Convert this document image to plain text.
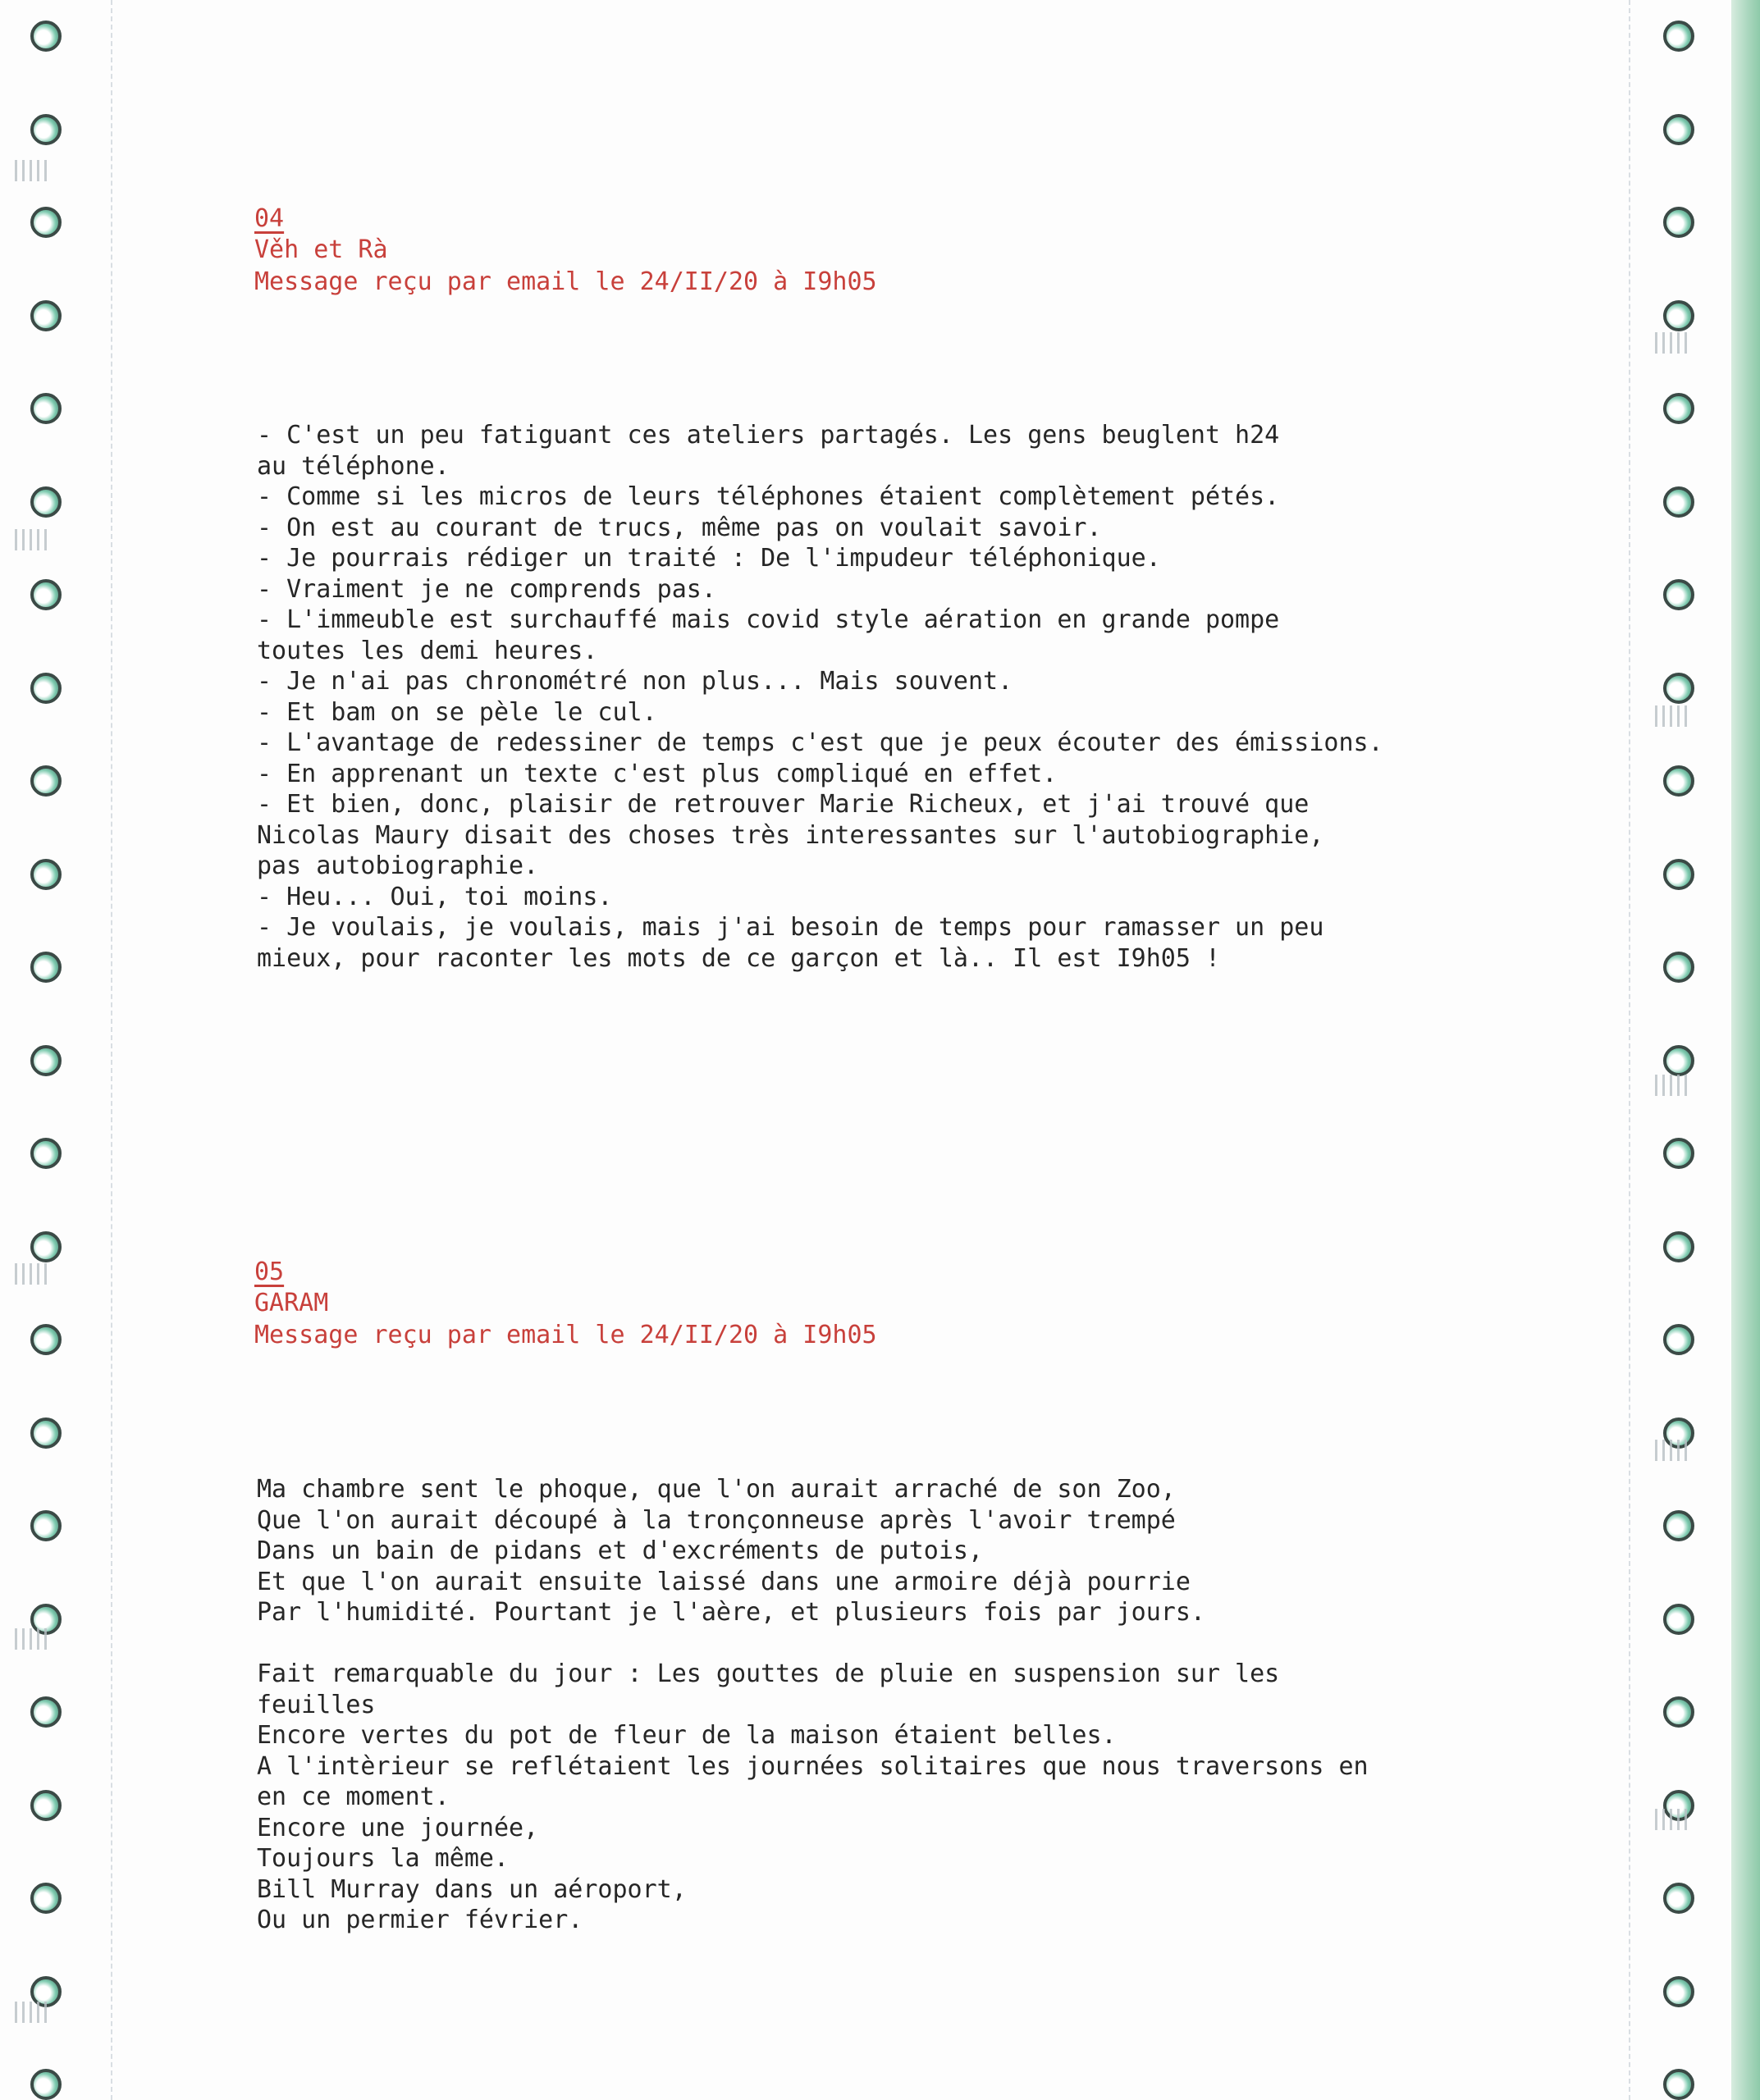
04
Věh et Rà
Message reçu par email le 24/II/20 à I9h05
- C'est un peu fatiguant ces ateliers partagés. Les gens beuglent h24
au téléphone.
- Comme si les micros de leurs téléphones étaient complètement pétés.
- On est au courant de trucs, même pas on voulait savoir.
- Je pourrais rédiger un traité : De l'impudeur téléphonique.
- Vraiment je ne comprends pas.
- L'immeuble est surchauffé mais covid style aération en grande pompe
toutes les demi heures.
- Je n'ai pas chronométré non plus... Mais souvent.
- Et bam on se pèle le cul.
- L'avantage de redessiner de temps c'est que je peux écouter des émissions.
- En apprenant un texte c'est plus compliqué en effet.
- Et bien, donc, plaisir de retrouver Marie Richeux, et j'ai trouvé que
Nicolas Maury disait des choses très interessantes sur l'autobiographie,
pas autobiographie.
- Heu... Oui, toi moins.
- Je voulais, je voulais, mais j'ai besoin de temps pour ramasser un peu
mieux, pour raconter les mots de ce garçon et là.. Il est I9h05 !
05
GARAM
Message reçu par email le 24/II/20 à I9h05
Ma chambre sent le phoque, que l'on aurait arraché de son Zoo,
Que l'on aurait découpé à la tronçonneuse après l'avoir trempé
Dans un bain de pidans et d'excréments de putois,
Et que l'on aurait ensuite laissé dans une armoire déjà pourrie
Par l'humidité. Pourtant je l'aère, et plusieurs fois par jours.
Fait remarquable du jour : Les gouttes de pluie en suspension sur les
feuilles
Encore vertes du pot de fleur de la maison étaient belles.
A l'intèrieur se reflétaient les journées solitaires que nous traversons en
en ce moment.
Encore une journée,
Toujours la même.
Bill Murray dans un aéroport,
Ou un permier février.
